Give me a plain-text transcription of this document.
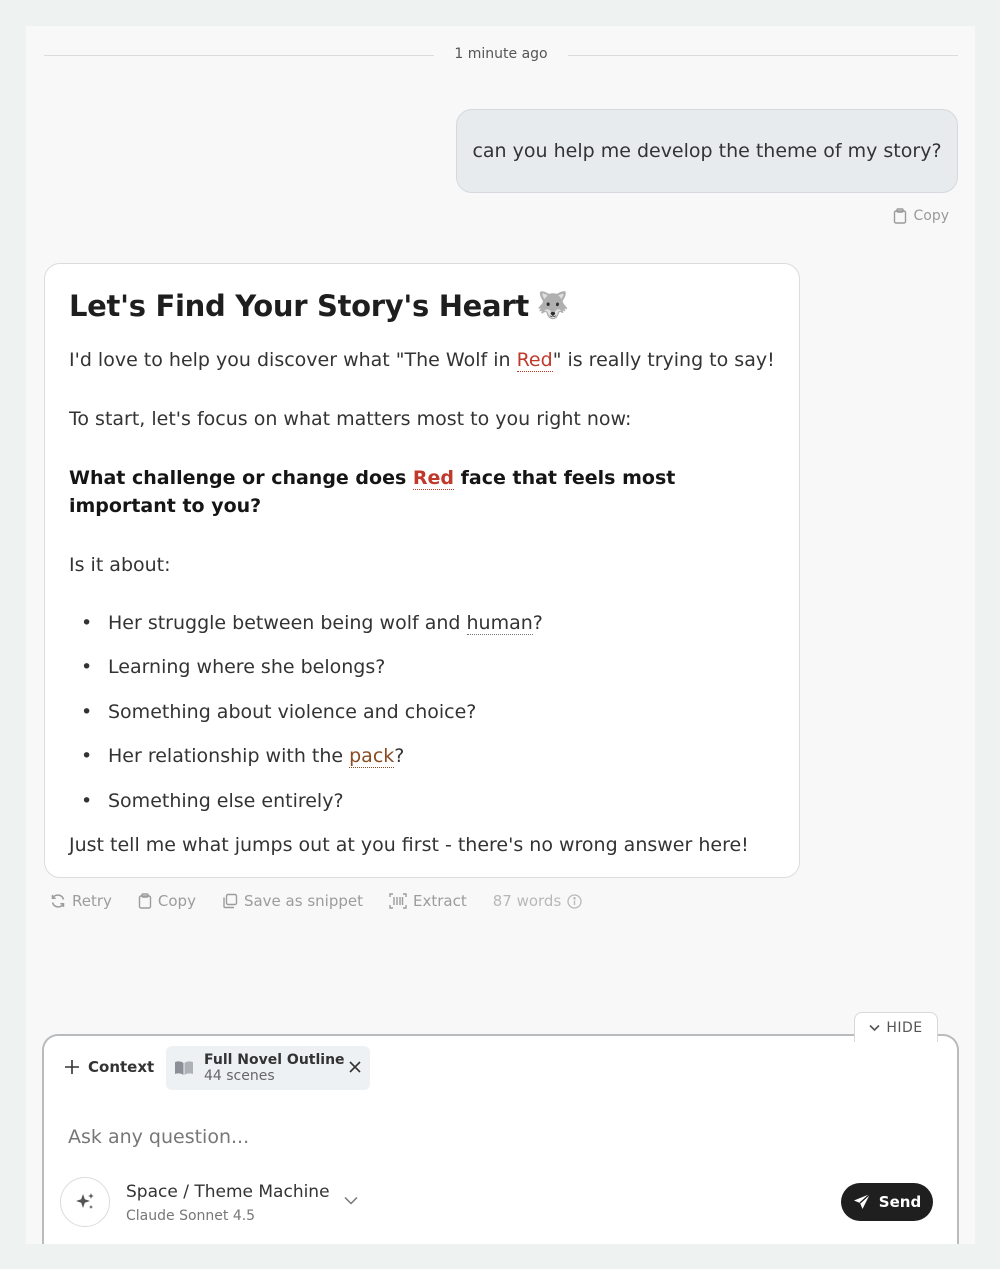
1 minute ago
can you help me develop the theme of my story?
Copy
Let's Find Your Story's Heart 🐺

I'd love to help you discover what "The Wolf in Red" is really trying to say!

To start, let's focus on what matters most to you right now:

What challenge or change does Red face that feels most important to you?

Is it about:

• Her struggle between being wolf and human?
• Learning where she belongs?
• Something about violence and choice?
• Her relationship with the pack?
• Something else entirely?

Just tell me what jumps out at you first - there's no wrong answer here!

Retry	Copy	Save as snippet	Extract 87 words
HIDE
Context	Full Novel Outline
44 scenes
Ask any question...
Space / Theme Machine
Claude Sonnet 4.5
Send
